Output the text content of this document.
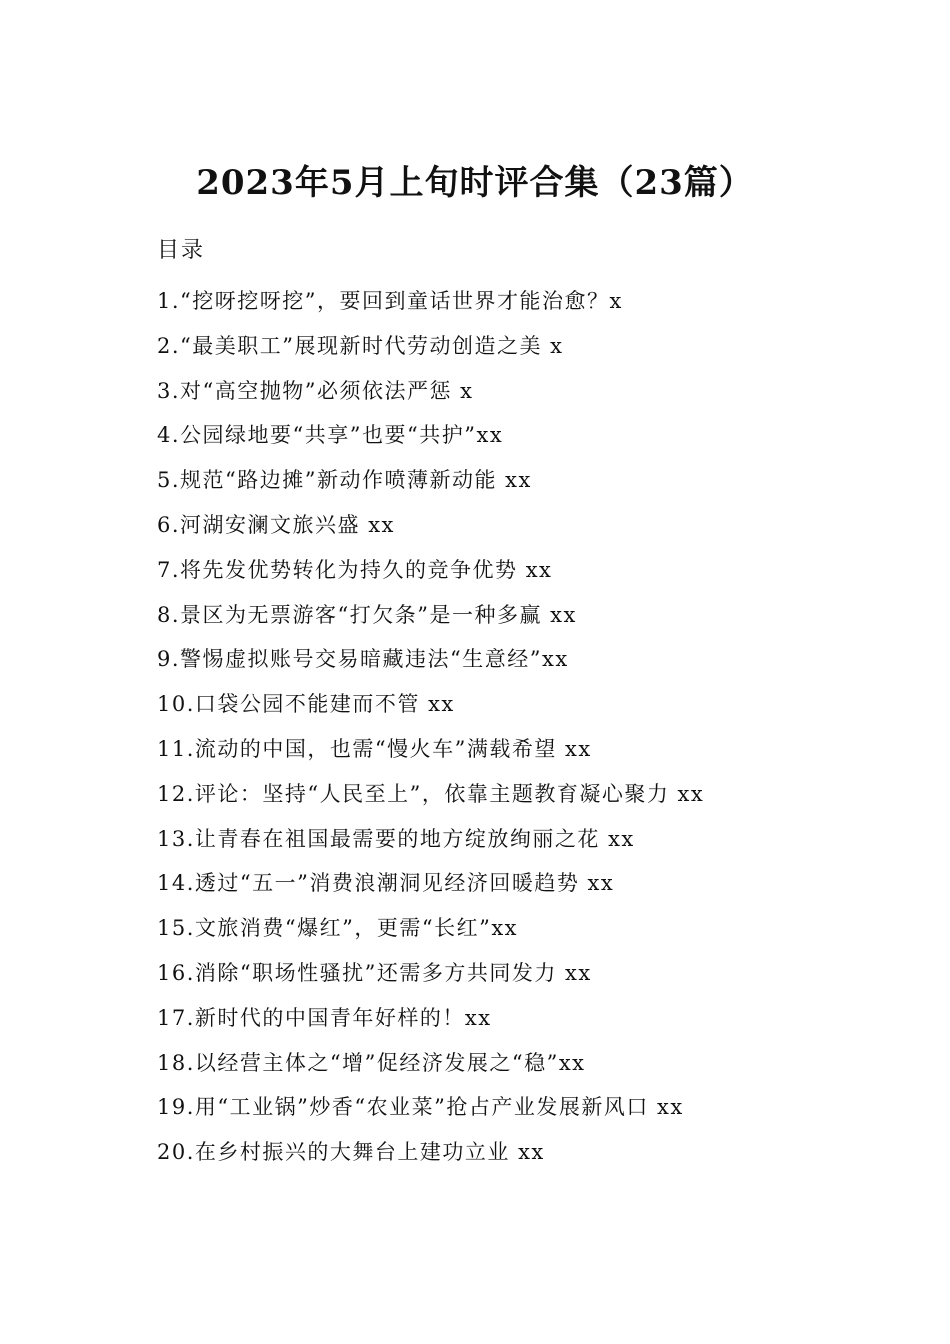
2023年5月上旬时评合集（23篇）
目录
1.“挖呀挖呀挖”，要回到童话世界才能治愈？x
2.“最美职工”展现新时代劳动创造之美 x
3.对“高空抛物”必须依法严惩 x
4.公园绿地要“共享”也要“共护”xx
5.规范“路边摊”新动作喷薄新动能 xx
6.河湖安澜文旅兴盛 xx
7.将先发优势转化为持久的竞争优势 xx
8.景区为无票游客“打欠条”是一种多赢 xx
9.警惕虚拟账号交易暗藏违法“生意经”xx
10.口袋公园不能建而不管 xx
11.流动的中国，也需“慢火车”满载希望 xx
12.评论：坚持“人民至上”，依靠主题教育凝心聚力 xx
13.让青春在祖国最需要的地方绽放绚丽之花 xx
14.透过“五一”消费浪潮洞见经济回暖趋势 xx
15.文旅消费“爆红”，更需“长红”xx
16.消除“职场性骚扰”还需多方共同发力 xx
17.新时代的中国青年好样的！xx
18.以经营主体之“增”促经济发展之“稳”xx
19.用“工业锅”炒香“农业菜”抢占产业发展新风口 xx
20.在乡村振兴的大舞台上建功立业 xx
